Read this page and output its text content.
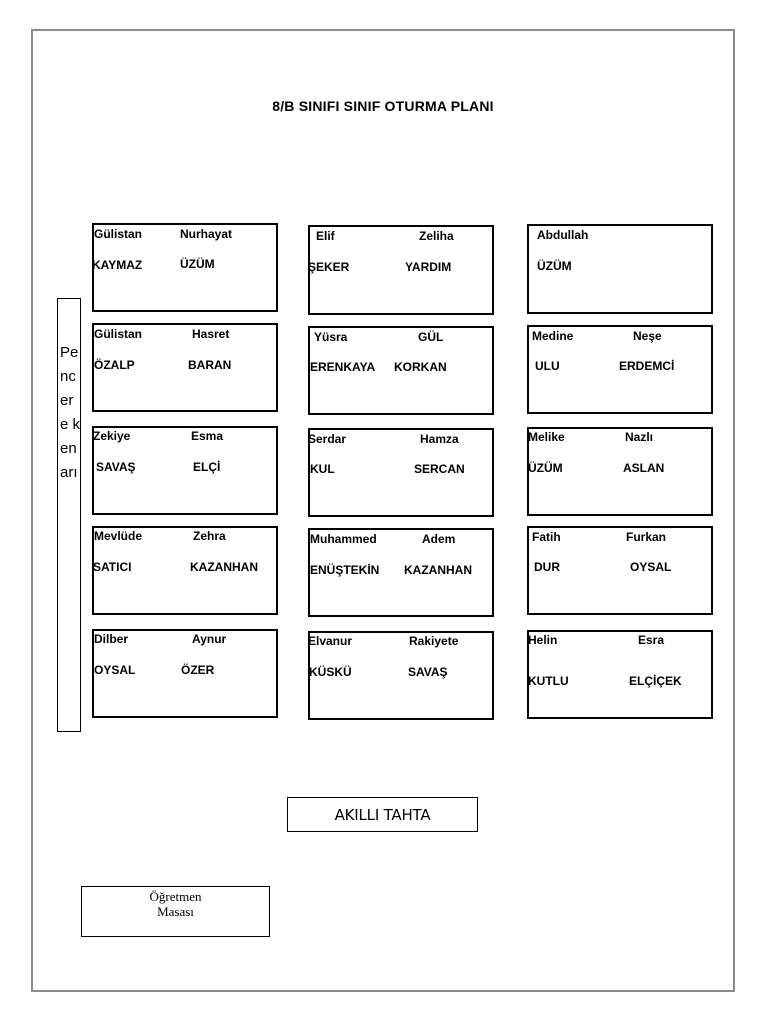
8/B SINIFI SINIF OTURMA PLANI
Pencere kenarı
Gülistan	Nurhayat
KAYMAZ	ÜZÜM
Elif	Zeliha
ŞEKER	YARDIM
Abdullah
ÜZÜM
Gülistan	Hasret
ÖZALP	BARAN
Yüsra	GÜL
ERENKAYA KORKAN
Medine	Neşe
ULU	ERDEMCİ
Zekiye	Esma
SAVAŞ	ELÇİ
Serdar	Hamza
KUL	SERCAN
Melike	Nazlı
ÜZÜM	ASLAN
Mevlüde	Zehra
SATICI	KAZANHAN
Muhammed	Adem
ENÜŞTEKİN KAZANHAN
Fatih	Furkan
DUR	OYSAL
Dilber	Aynur
OYSAL	ÖZER
Elvanur	Rakiyete
KÜSKÜ	SAVAŞ
Helin	Esra
KUTLU	ELÇİÇEK
AKILLI TAHTA
Öğretmen
Masası
